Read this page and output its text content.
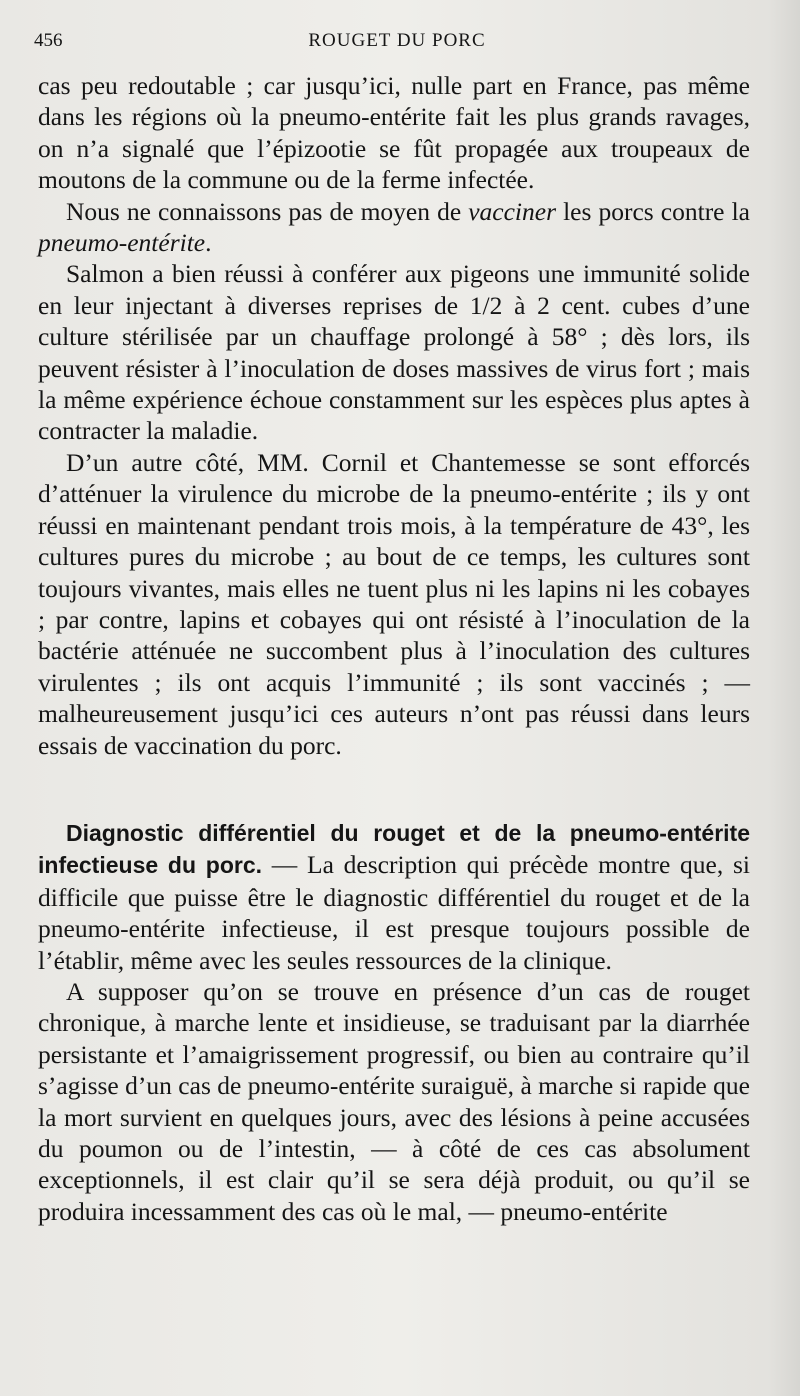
456	ROUGET DU PORC

cas peu redoutable ; car jusqu’ici, nulle part en France, pas même dans les régions où la pneumo-entérite fait les plus grands ravages, on n’a signalé que l’épizootie se fût propagée aux troupeaux de moutons de la commune ou de la ferme infectée.

Nous ne connaissons pas de moyen de vacciner les porcs contre la pneumo-entérite.

Salmon a bien réussi à conférer aux pigeons une immunité solide en leur injectant à diverses reprises de 1/2 à 2 cent. cubes d’une culture stérilisée par un chauffage prolongé à 58° ; dès lors, ils peuvent résister à l’inoculation de doses massives de virus fort ; mais la même expérience échoue constamment sur les espèces plus aptes à contracter la maladie.

D’un autre côté, MM. Cornil et Chantemesse se sont efforcés d’atténuer la virulence du microbe de la pneumo-entérite ; ils y ont réussi en maintenant pendant trois mois, à la température de 43°, les cultures pures du microbe ; au bout de ce temps, les cultures sont toujours vivantes, mais elles ne tuent plus ni les lapins ni les cobayes ; par contre, lapins et cobayes qui ont résisté à l’inoculation de la bactérie atténuée ne succombent plus à l’inoculation des cultures virulentes ; ils ont acquis l’immunité ; ils sont vaccinés ; — malheureusement jusqu’ici ces auteurs n’ont pas réussi dans leurs essais de vaccination du porc.

Diagnostic différentiel du rouget et de la pneumo-entérite infectieuse du porc. — La description qui précède montre que, si difficile que puisse être le diagnostic différentiel du rouget et de la pneumo-entérite infectieuse, il est presque toujours possible de l’établir, même avec les seules ressources de la clinique.

A supposer qu’on se trouve en présence d’un cas de rouget chronique, à marche lente et insidieuse, se traduisant par la diarrhée persistante et l’amaigrissement progressif, ou bien au contraire qu’il s’agisse d’un cas de pneumo-entérite suraiguë, à marche si rapide que la mort survient en quelques jours, avec des lésions à peine accusées du poumon ou de l’intestin, — à côté de ces cas absolument exceptionnels, il est clair qu’il se sera déjà produit, ou qu’il se produira incessamment des cas où le mal, — pneumo-entérite
